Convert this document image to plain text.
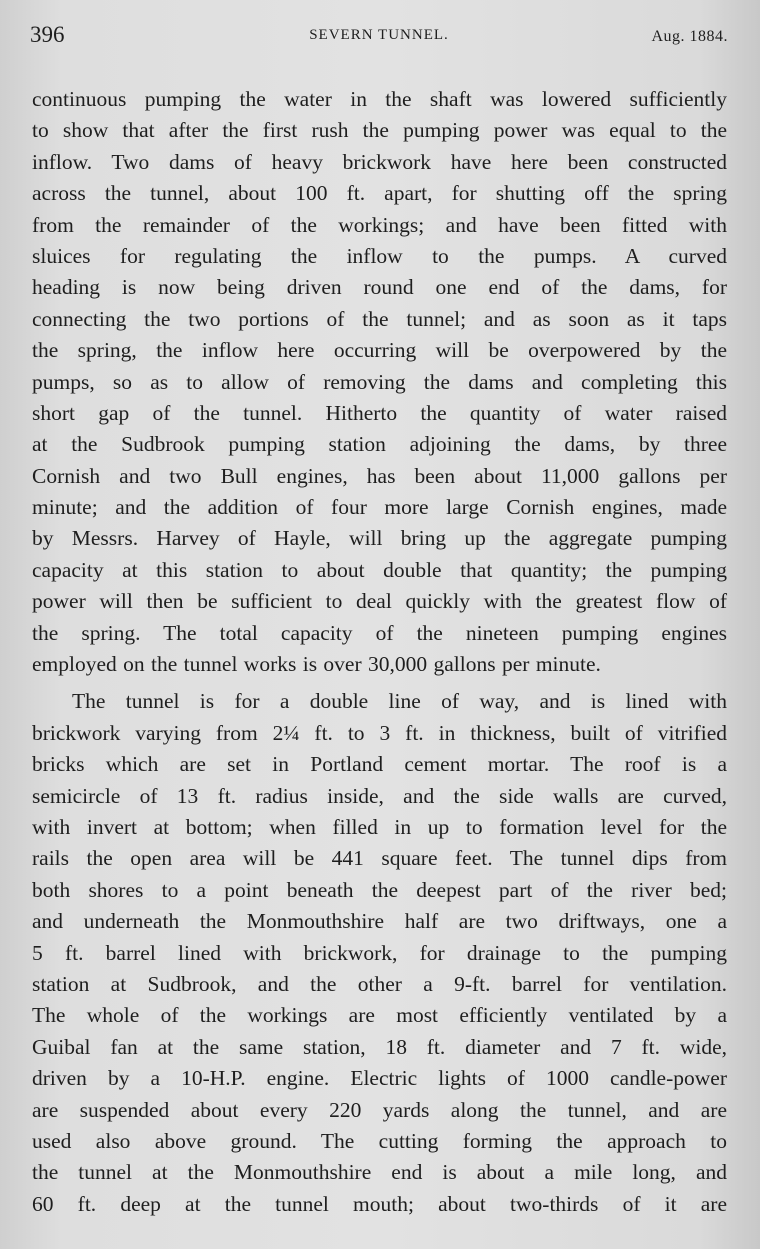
396	SEVERN TUNNEL.	Aug. 1884.
continuous pumping the water in the shaft was lowered sufficiently
to show that after the first rush the pumping power was equal to the
inflow. Two dams of heavy brickwork have here been constructed
across the tunnel, about 100 ft. apart, for shutting off the spring
from the remainder of the workings; and have been fitted with
sluices for regulating the inflow to the pumps. A curved
heading is now being driven round one end of the dams, for
connecting the two portions of the tunnel; and as soon as it taps
the spring, the inflow here occurring will be overpowered by the
pumps, so as to allow of removing the dams and completing this
short gap of the tunnel. Hitherto the quantity of water raised
at the Sudbrook pumping station adjoining the dams, by three
Cornish and two Bull engines, has been about 11,000 gallons per
minute; and the addition of four more large Cornish engines, made
by Messrs. Harvey of Hayle, will bring up the aggregate pumping
capacity at this station to about double that quantity; the pumping
power will then be sufficient to deal quickly with the greatest flow of
the spring. The total capacity of the nineteen pumping engines
employed on the tunnel works is over 30,000 gallons per minute.
The tunnel is for a double line of way, and is lined with
brickwork varying from 2¼ ft. to 3 ft. in thickness, built of vitrified
bricks which are set in Portland cement mortar. The roof is a
semicircle of 13 ft. radius inside, and the side walls are curved,
with invert at bottom; when filled in up to formation level for the
rails the open area will be 441 square feet. The tunnel dips from
both shores to a point beneath the deepest part of the river bed;
and underneath the Monmouthshire half are two driftways, one a
5 ft. barrel lined with brickwork, for drainage to the pumping
station at Sudbrook, and the other a 9-ft. barrel for ventilation.
The whole of the workings are most efficiently ventilated by a
Guibal fan at the same station, 18 ft. diameter and 7 ft. wide,
driven by a 10-H.P. engine. Electric lights of 1000 candle-power
are suspended about every 220 yards along the tunnel, and are
used also above ground. The cutting forming the approach to
the tunnel at the Monmouthshire end is about a mile long, and
60 ft. deep at the tunnel mouth; about two-thirds of it are
